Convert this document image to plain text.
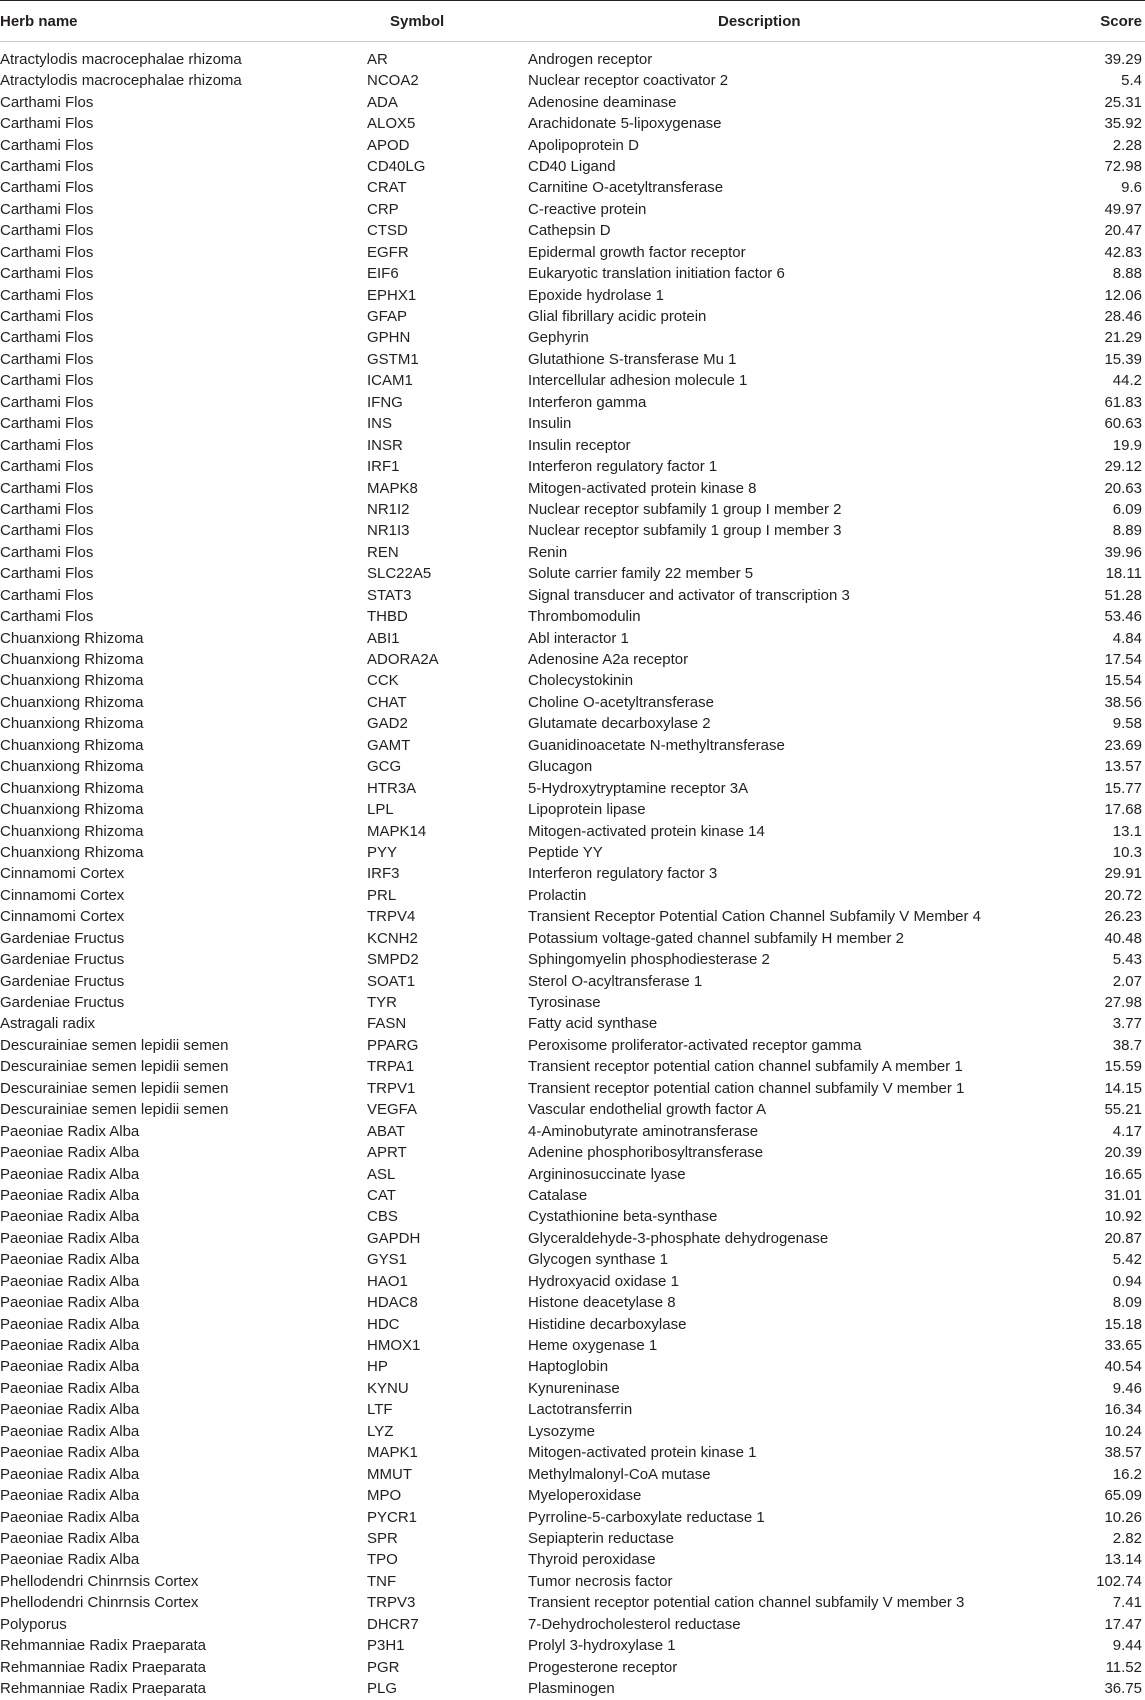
Herb name	Symbol	Description	Score
Atractylodis macrocephalae rhizoma	AR	Androgen receptor	39.29
Atractylodis macrocephalae rhizoma	NCOA2	Nuclear receptor coactivator 2	5.4
Carthami Flos	ADA	Adenosine deaminase	25.31
Carthami Flos	ALOX5	Arachidonate 5-lipoxygenase	35.92
Carthami Flos	APOD	Apolipoprotein D	2.28
Carthami Flos	CD40LG	CD40 Ligand	72.98
Carthami Flos	CRAT	Carnitine O-acetyltransferase	9.6
Carthami Flos	CRP	C-reactive protein	49.97
Carthami Flos	CTSD	Cathepsin D	20.47
Carthami Flos	EGFR	Epidermal growth factor receptor	42.83
Carthami Flos	EIF6	Eukaryotic translation initiation factor 6	8.88
Carthami Flos	EPHX1	Epoxide hydrolase 1	12.06
Carthami Flos	GFAP	Glial fibrillary acidic protein	28.46
Carthami Flos	GPHN	Gephyrin	21.29
Carthami Flos	GSTM1	Glutathione S-transferase Mu 1	15.39
Carthami Flos	ICAM1	Intercellular adhesion molecule 1	44.2
Carthami Flos	IFNG	Interferon gamma	61.83
Carthami Flos	INS	Insulin	60.63
Carthami Flos	INSR	Insulin receptor	19.9
Carthami Flos	IRF1	Interferon regulatory factor 1	29.12
Carthami Flos	MAPK8	Mitogen-activated protein kinase 8	20.63
Carthami Flos	NR1I2	Nuclear receptor subfamily 1 group I member 2	6.09
Carthami Flos	NR1I3	Nuclear receptor subfamily 1 group I member 3	8.89
Carthami Flos	REN	Renin	39.96
Carthami Flos	SLC22A5	Solute carrier family 22 member 5	18.11
Carthami Flos	STAT3	Signal transducer and activator of transcription 3	51.28
Carthami Flos	THBD	Thrombomodulin	53.46
Chuanxiong Rhizoma	ABI1	Abl interactor 1	4.84
Chuanxiong Rhizoma	ADORA2A	Adenosine A2a receptor	17.54
Chuanxiong Rhizoma	CCK	Cholecystokinin	15.54
Chuanxiong Rhizoma	CHAT	Choline O-acetyltransferase	38.56
Chuanxiong Rhizoma	GAD2	Glutamate decarboxylase 2	9.58
Chuanxiong Rhizoma	GAMT	Guanidinoacetate N-methyltransferase	23.69
Chuanxiong Rhizoma	GCG	Glucagon	13.57
Chuanxiong Rhizoma	HTR3A	5-Hydroxytryptamine receptor 3A	15.77
Chuanxiong Rhizoma	LPL	Lipoprotein lipase	17.68
Chuanxiong Rhizoma	MAPK14	Mitogen-activated protein kinase 14	13.1
Chuanxiong Rhizoma	PYY	Peptide YY	10.3
Cinnamomi Cortex	IRF3	Interferon regulatory factor 3	29.91
Cinnamomi Cortex	PRL	Prolactin	20.72
Cinnamomi Cortex	TRPV4	Transient Receptor Potential Cation Channel Subfamily V Member 4	26.23
Gardeniae Fructus	KCNH2	Potassium voltage-gated channel subfamily H member 2	40.48
Gardeniae Fructus	SMPD2	Sphingomyelin phosphodiesterase 2	5.43
Gardeniae Fructus	SOAT1	Sterol O-acyltransferase 1	2.07
Gardeniae Fructus	TYR	Tyrosinase	27.98
Astragali radix	FASN	Fatty acid synthase	3.77
Descurainiae semen lepidii semen	PPARG	Peroxisome proliferator-activated receptor gamma	38.7
Descurainiae semen lepidii semen	TRPA1	Transient receptor potential cation channel subfamily A member 1	15.59
Descurainiae semen lepidii semen	TRPV1	Transient receptor potential cation channel subfamily V member 1	14.15
Descurainiae semen lepidii semen	VEGFA	Vascular endothelial growth factor A	55.21
Paeoniae Radix Alba	ABAT	4-Aminobutyrate aminotransferase	4.17
Paeoniae Radix Alba	APRT	Adenine phosphoribosyltransferase	20.39
Paeoniae Radix Alba	ASL	Argininosuccinate lyase	16.65
Paeoniae Radix Alba	CAT	Catalase	31.01
Paeoniae Radix Alba	CBS	Cystathionine beta-synthase	10.92
Paeoniae Radix Alba	GAPDH	Glyceraldehyde-3-phosphate dehydrogenase	20.87
Paeoniae Radix Alba	GYS1	Glycogen synthase 1	5.42
Paeoniae Radix Alba	HAO1	Hydroxyacid oxidase 1	0.94
Paeoniae Radix Alba	HDAC8	Histone deacetylase 8	8.09
Paeoniae Radix Alba	HDC	Histidine decarboxylase	15.18
Paeoniae Radix Alba	HMOX1	Heme oxygenase 1	33.65
Paeoniae Radix Alba	HP	Haptoglobin	40.54
Paeoniae Radix Alba	KYNU	Kynureninase	9.46
Paeoniae Radix Alba	LTF	Lactotransferrin	16.34
Paeoniae Radix Alba	LYZ	Lysozyme	10.24
Paeoniae Radix Alba	MAPK1	Mitogen-activated protein kinase 1	38.57
Paeoniae Radix Alba	MMUT	Methylmalonyl-CoA mutase	16.2
Paeoniae Radix Alba	MPO	Myeloperoxidase	65.09
Paeoniae Radix Alba	PYCR1	Pyrroline-5-carboxylate reductase 1	10.26
Paeoniae Radix Alba	SPR	Sepiapterin reductase	2.82
Paeoniae Radix Alba	TPO	Thyroid peroxidase	13.14
Phellodendri Chinrnsis Cortex	TNF	Tumor necrosis factor	102.74
Phellodendri Chinrnsis Cortex	TRPV3	Transient receptor potential cation channel subfamily V member 3	7.41
Polyporus	DHCR7	7-Dehydrocholesterol reductase	17.47
Rehmanniae Radix Praeparata	P3H1	Prolyl 3-hydroxylase 1	9.44
Rehmanniae Radix Praeparata	PGR	Progesterone receptor	11.52
Rehmanniae Radix Praeparata	PLG	Plasminogen	36.75
